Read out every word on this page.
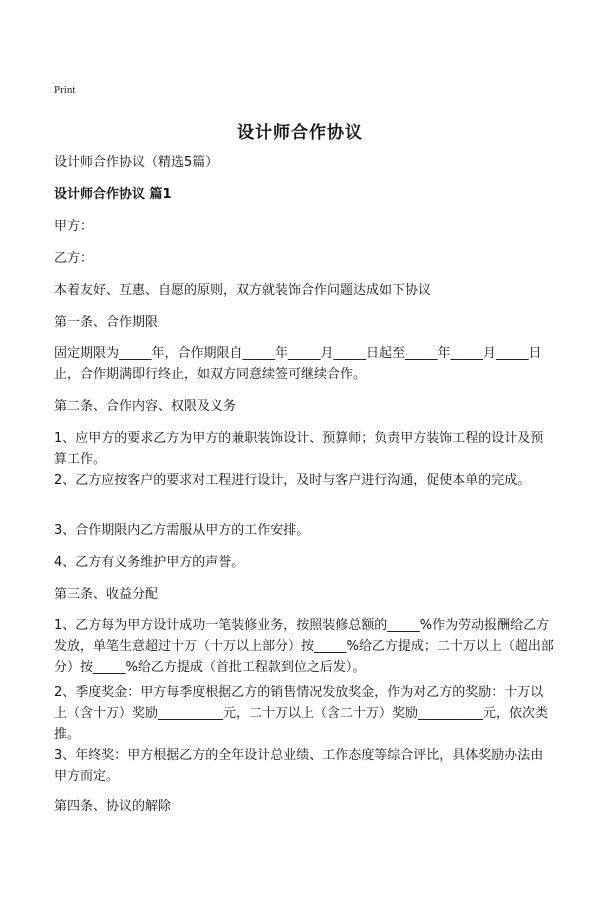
Print
设计师合作协议

设计师合作协议（精选5篇）

设计师合作协议 篇1

甲方：

乙方：

本着友好、互惠、自愿的原则，双方就装饰合作问题达成如下协议

第一条、合作期限

固定期限为_____年，合作期限自_____年_____月_____日起至_____年_____月_____日止，合作期满即行终止，如双方同意续签可继续合作。

第二条、合作内容、权限及义务

1、应甲方的要求乙方为甲方的兼职装饰设计、预算师；负责甲方装饰工程的设计及预算工作。

2、乙方应按客户的要求对工程进行设计，及时与客户进行沟通，促使本单的完成。

3、合作期限内乙方需服从甲方的工作安排。

4、乙方有义务维护甲方的声誉。

第三条、收益分配

1、乙方每为甲方设计成功一笔装修业务，按照装修总额的_____%作为劳动报酬给乙方发放，单笔生意超过十万（十万以上部分）按_____%给乙方提成；二十万以上（超出部分）按_____%给乙方提成（首批工程款到位之后发）。

2、季度奖金：甲方每季度根据乙方的销售情况发放奖金，作为对乙方的奖励：十万以上（含十万）奖励__________元，二十万以上（含二十万）奖励__________元，依次类推。

3、年终奖：甲方根据乙方的全年设计总业绩、工作态度等综合评比，具体奖励办法由甲方而定。

第四条、协议的解除
